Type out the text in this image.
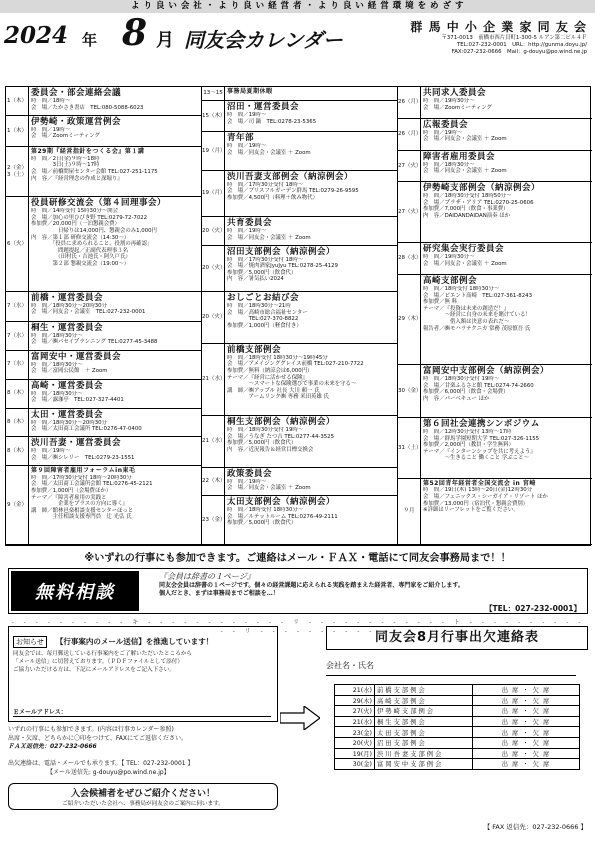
よ り 良 い 会 社 ・ よ り 良 い 経 営 者 ・ よ り 良 い 経 営 環 境 を め ざ す
2024 年 8 月 同友会カレンダー
群 馬 中 小 企 業 家 同 友 会
〒371-0013　前橋市西片貝町1-300-5 ルアン第二ビル４Ｆ
TEL:027-232-0001　URL：http://gunma.doyu.jp/
FAX:027-232-0666　Mail：g-douyu@po.wind.ne.jp
1（木）
委員会・部会連絡会議
時　間／18時～
会　場／たかさき書店　TEL:080-5088-6023
1（木）
伊勢崎・政策運営例会
時　間／19時～
会　場／Zoomミーティング
2（金）
3（土）
第29期『経営指針をつくる会』第１講
時　間／2日(金)９時～18時
　　　　3日(土)９時～17時
会　場／前橋問屋センター会館 TEL:027-251-1175
内　容／『経営理念の作成と深堀り』
6（火）
役員研修交流会（第４回理事会）
時　間／14時受付 15時30分～開会
会　場／加心の里ひびき野 TEL:0279-72-7022
参加費／20,000円（一泊懇親会費）
　　　　　日帰りは14,000円、懇親会のみ1,000円
内　容／第１部 研修交流会（14:30～）
　　　　「役員に求められること、役割の再確認」
　　　　　問題提起／正副代表理事３名
　　　　　（田村氏・吉池氏・阿久戸氏）
　　　　第２部 懇親交流会（19:00～）
7（水）
前橋・運営委員会
時　間／18時30分～20時30分
会　場／同友会・会議室　TEL:027-232-0001
7（水）
桐生・運営委員会
時　間／18時30分～
会　場／㈱パセイプランニング TEL:0277-45-3488
7（水）
富岡安中・運営委員会
時　間／18時30分～
会　場／富岡公民館　＋ Zoom
8（木）
高崎・運営委員会
時　間／18時30分～
会　場／露珈亭　TEL:027-327-4401
8（木）
太田・運営委員会
時　間／18時30分～20時30分
会　場／太田商工会議所 TEL:0276-47-0400
8（木）
渋川吾妻・運営委員会
時　間／19時～
会　場／㈱シレリー　TEL:0279-23-1551
9（金）
第９回障害者雇用フォーラムin東毛
時　間／17時30分受付 18時～20時30分
会　場／太田商工会議所会館 TEL:0276-45-2121
参加費／1,000円（会場費ほか）
テーマ／『障害者雇用の実践と
　　　　　企業をプラスの方向に導く』
講　師／館林邑楽相談支援センターほっと
　　　　主任相談支援専門員　辻 光弘 氏
13～15 事務局夏期休暇
15（木）
沼田・運営委員会
時　間／19時～
会　場／司 鍋　TEL:0278-23-5365
19（月）
青年部
時　間／19時～
会　場／同友会・会議室 ＋ Zoom
19（月）
渋川吾妻支部例会（納涼例会）
時　間／17時30分受付 18時～
会　場／ブリスフルガーデン群馬 TEL:0279-26-9595
参加費／4,500円（料理＋飲み物代）
20（火）
共育委員会
時　間／19時～
会　場／同友会・会議室 ＋ Zoom
20（火）
沼田支部例会（納涼例会）
時　間／17時30分受付 18時～
会　場／焼肉酒家JyuJyu TEL:0278-25-4129
参加費／5,000円（飲食代）
内　容／暑気払い2024
20（火）
おしごとお結び会
時　間／18時30分～21時
会　場／高崎市総合福祉センター
　　　　TEL:027-370-8822
参加費／1,000円（軽食付き）
21（水）
前橋支部例会
時　間／18時受付 18時30分～19時45分
会　場／アメイジンググレイス前橋 TEL:027-210-7722
参加費／無料（納涼会は6,000円）
テーマ／『経営に活かせる保険』
　　　　～スマートな保険選びで事業の未来を守る～
講　師／㈱アップル 社長 大川 頼一 氏
　　　　アームリンク㈱ 専務 米田英雄 氏
21（水）
桐生支部例会（納涼例会）
時　間／18時30分受付 19時～
会　場／うなぎ たつ吉 TEL:0277-44-3525
参加費／5,000円（飲食代）
内　容／近況報告＆経営目標交換会
22（木）
政策委員会
時　間／19時～
会　場／同友会・会議室 ＋ Zoom
23（金）
太田支部例会（納涼例会）
時　間／18時受付 18時30分～
会　場／ルテットルーム TEL:0276-49-2111
参加費／5,000円（飲食代）
26（月）
共同求人委員会
時　間／19時30分～
会　場／Zoomミーティング
26（月）
広報委員会
時　間／19時～
会　場／同友会・会議室 ＋ Zoom
27（火）
障害者雇用委員会
時　間／18時30分～
会　場／同友会・会議室 ＋ Zoom
27（火）
伊勢崎支部例会（納涼例会）
時　間／18時30分受付 18時50分～
会　場／プラザ・アリア TEL:0270-25-0606
参加費／7,000円（飲食・事業費）
内　容／DAIDANDAIDAN演奏 ほか
28（水）
研究集会実行委員会
時　間／19時30分～
会　場／同友会・会議室 ＋ Zoom
29（木）
高崎支部例会
時　間／18時受付 18時30分～
会　場／ビエント高崎　TEL:027-361-8243
参加費／無 料
テーマ／『投資は未来の創造だ！』
　　　　～経営に自身の未来を賭けている！
　　　　　借入額は決意の表れだ～
報告者／㈱モハラテクニカ 常務 茂原慎吾 氏
30（金）
富岡安中支部例会（納涼例会）
時　間／18時30分受付 19時～
会　場／甘楽ふるさと館 TEL:0274-74-2660
参加費／6,000円（飲食・会場費）
内　容／バーベキュー ほか
31（土）
第６回社会連携シンポジウム
時　間／12時30分受付 13時～17時
会　場／群馬学園短期大学 TEL:027-326-1155
参加費／2,000円（教員・学生無料）
テーマ／『インターンシップを共に考えよう』
　　　　～生きること 働くこと 学ぶこと～
９月
第52回青年経営者全国交流会 in 宮崎
時　間／19日(木) 13時～20日(金)12時30分
会　場／フェニックス・シーガイア・リゾート ほか
参加費／13,000円（宿泊代・懇親会費別）
※詳細はリーフレットをご覧ください。
※いずれの行事にも参加できます。ご連絡はメール・ＦＡＸ・電話にて同友会事務局まで！！
無料相談
『会員は辞書の１ページ』
同友会会員は辞書の１ページです。個々の経営課題に応えられる実践を踏まえた経営者、専門家をご紹介します。
個人だとき、まずは事務局までご相談を…！
【TEL：027-232-0001】
- - - - - - - - - - キ - - - - - - - - - - - - リ - - - - - - - - - - - - ト - - - - - - - - - - - - リ - - - - - - - - - -
お知らせ 【行事案内のメール送信】を推進しています！
同友会では、毎月郵送している行事案内をご了解いただいたところから
「メール送信」に切替えております。（ＰＤＦファイルとして添付）
ご協力いただける方は、下記にメールアドレスをご記入下さい。
Ｅメールアドレス：
いずれの行事にも参加できます。(内容は行事カレンダー参照)
出席・欠席、どちらかに〇印をつけて、FAXにてご返信ください。
ＦＡＸ返信先：027-232-0666

出欠連絡は、電話・メールでも承ります。【 TEL：027-232-0001 】
　　　　　　　【メール送信先: g-douyu@po.wind.ne.jp】
入会候補者をぜひご紹介ください！
ご紹介いただいた会社へ、事務局が同友会のご案内に伺います。
同友会8月行事出欠連絡表
会社名・氏名
21(水)	前 橋 支 部 例 会	出 席 ・ 欠 席
29(木)	高 崎 支 部 例 会	出 席 ・ 欠 席
27(火)	伊 勢 崎 支 部 例 会	出 席 ・ 欠 席
21(水)	桐 生 支 部 例 会	出 席 ・ 欠 席
23(金)	太 田 支 部 例 会	出 席 ・ 欠 席
20(火)	沼 田 支 部 例 会	出 席 ・ 欠 席
19(月)	渋 川 吾 妻 支 部 例 会	出 席 ・ 欠 席
30(金)	富 岡 安 中 支 部 例 会	出 席 ・ 欠 席
【 FAX 返信先：027-232-0666 】
